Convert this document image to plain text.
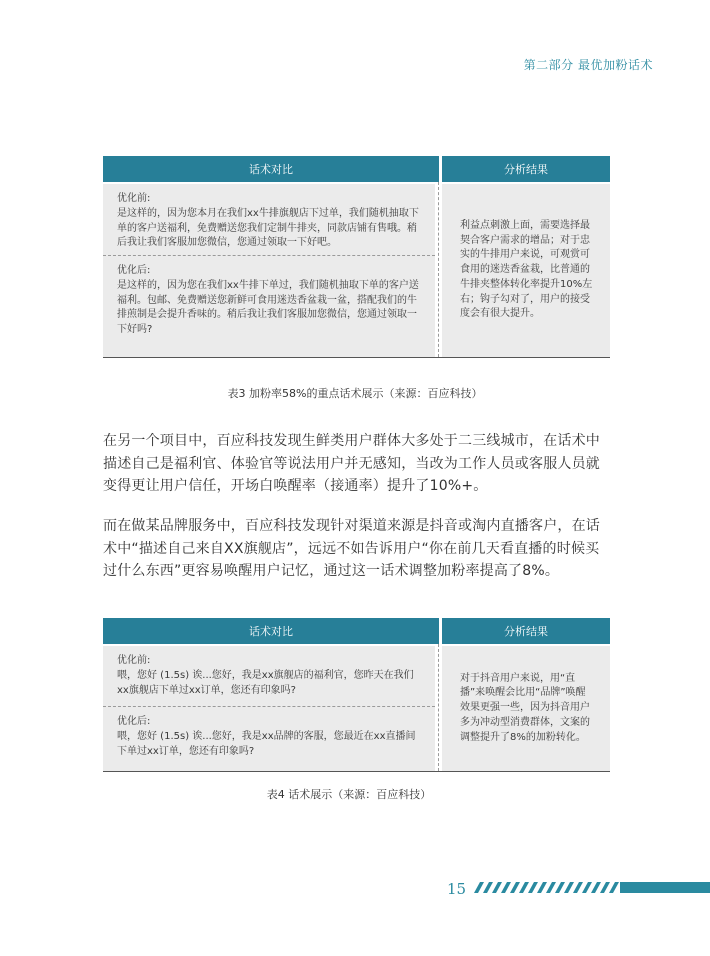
第二部分 最优加粉话术
话术对比	分析结果
优化前:
是这样的，因为您本月在我们xx牛排旗舰店下过单，我们随机抽取下单的客户送福利，免费赠送您我们定制牛排夹，同款店铺有售哦。稍后我让我们客服加您微信，您通过领取一下好吧。
优化后:
是这样的，因为您在我们xx牛排下单过，我们随机抽取下单的客户送福利。包邮、免费赠送您新鲜可食用迷迭香盆栽一盆，搭配我们的牛排煎制是会提升香味的。稍后我让我们客服加您微信，您通过领取一下好吗?
利益点刺激上面，需要选择最契合客户需求的增品；对于忠实的牛排用户来说，可观赏可食用的迷迭香盆栽，比普通的牛排夹整体转化率提升10%左右；钩子勾对了，用户的接受度会有很大提升。
表3 加粉率58%的重点话术展示（来源：百应科技）

在另一个项目中，百应科技发现生鲜类用户群体大多处于二三线城市，在话术中描述自己是福利官、体验官等说法用户并无感知，当改为工作人员或客服人员就变得更让用户信任，开场白唤醒率（接通率）提升了10%+。

而在做某品牌服务中，百应科技发现针对渠道来源是抖音或淘内直播客户，在话术中“描述自己来自XX旗舰店”，远远不如告诉用户“你在前几天看直播的时候买过什么东西”更容易唤醒用户记忆，通过这一话术调整加粉率提高了8%。

话术对比	分析结果
优化前:
喂，您好 (1.5s) 诶...您好，我是xx旗舰店的福利官，您昨天在我们xx旗舰店下单过xx订单，您还有印象吗?
优化后:
喂，您好 (1.5s) 诶...您好，我是xx品牌的客服，您最近在xx直播间下单过xx订单，您还有印象吗?
对于抖音用户来说，用“直播”来唤醒会比用“品牌”唤醒效果更强一些，因为抖音用户多为冲动型消费群体，文案的调整提升了8%的加粉转化。
表4 话术展示（来源：百应科技）
15
